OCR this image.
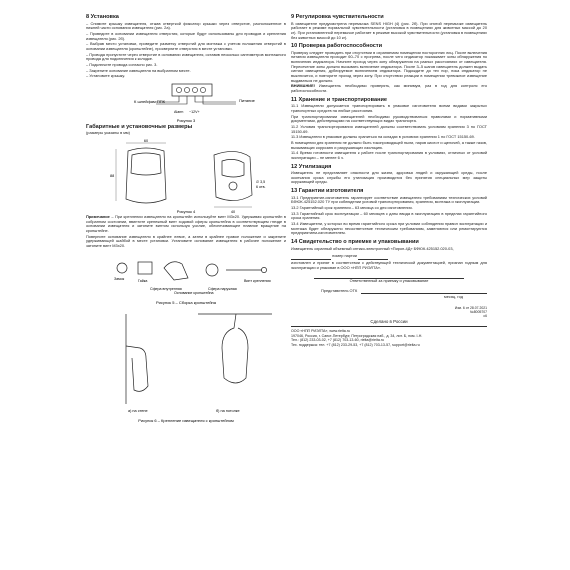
8 Установка
– Снимите крышку извещателя, отжав отверткой фиксатор крышки через отверстие, расположенное в нижней части основания извещателя (рис. 2а).
– Проведите в основании извещателя отверстия, которые будут использованы для проводов и крепления извещателя (рис. 2б).
– Выбрав место установки, проведите разметку отверстий для монтажа с учетом положения отверстий в основании извещателя (кронштейне), просверлите отверстия в месте установки.
– Проводa пропустите через отверстие в основании извещателя, оставив несколько сантиметров монтажного провода для подключения к колодке.
– Подключите провода согласно рис. 3.
– Закрепите основание извещателя на выбранном месте.
– Установите крышку.
К шлейфам ППК	Питание
Alarm −12V+
Рисунок 3
Габаритные и установочные размеры
(размеры указаны в мм)
60
88
40
∅ 3,5
6 отв.
Рисунок 4
Примечание – При креплении извещателя на кронштейн используйте винт М3х20. Удерживая кронштейн в собранном состоянии, ввинтите крепежный винт ходовой сферы кронштейна в соответствующем гнезде в основании извещателя и затяните винтом используя усилие, обеспечивающее плавное вращение на кронштейне.
Поверните основание извещателя в крайнее левое, а затем в крайнее правое положение и закрепите удерживающей шайбой в месте установки. Установите основание извещателя в рабочее положение и затяните винт М3х20.
Замок	Гайка
Сфера внутренняя
Основание кронштейна
Сфера наружная
Винт крепления
Рисунок 5 – Сборка кронштейна
а) на стене	б) на потолке
Рисунок 6 – Крепление извещателя с кронштейном
9 Регулировка чувствительности
В извещателе предусмотрена перемычка SENS HIGH (4) (рис. 2б). При снятой перемычке извещатель работает в режиме нормальной чувствительности (установка в помещениях для животных массой до 20 кг). При установленной перемычке работает в режиме высокой чувствительности (установка в помещениях без животных массой до 10 кг).
10 Проверка работоспособности
Проверку следует проводить при отсутствии в охраняемом помещении посторонних лиц. После включения питания извещателя проходит 60–70 с прогрева, после чего индикатор показывает зоны обнаружения по включению индикатора. Начните проход через зону обнаружения на разных расстояниях от извещателя. Пересечение зоны должно вызывать включение индикатора. После 3–5 шагов извещатель должен выдать сигнал извещения, дублируемое включением индикатора. Подождите до тех пор, пока индикатор не выключится, и повторите проход через зону. При отсутствии реакции в помещении тревожное извещение выдаваться не должно.
ВНИМАНИЕ! Извещатель необходимо проверять, как минимум, раз в год для контроля его работоспособности.
11 Хранение и транспортирование
11.1 Извещатели допускается транспортировать в упаковке изготовителя всеми видами закрытых транспортных средств на любые расстояния.
При транспортировании извещателей необходимо руководствоваться правилами и нормативными документами, действующими на соответствующих видах транспорта.
11.2 Условия транспортирования извещателей должны соответствовать условиям хранения 3 по ГОСТ 15150-69.
11.3 Извещатели в упаковке должны храниться на складах в условиях хранения 1 по ГОСТ 15150-69.
В помещении для хранения не должно быть токопроводящей пыли, паров кислот и щелочей, а также газов, вызывающих коррозию и разрушающих изоляцию.
11.4 Время готовности извещателя к работе после транспортирования в условиях, отличных от условий эксплуатации – не менее 6 ч.
12 Утилизация
Извещатель не представляет опасности для жизни, здоровья людей и окружающей среды, после окончания срока службы его утилизация производится без принятия специальных мер защиты окружающей среды.
13 Гарантии изготовителя
13.1 Предприятие-изготовитель гарантирует соответствие извещателя требованиям технических условий БФЮК.425152.020 ТУ при соблюдении условий транспортирования, хранения, монтажа и эксплуатации.
13.2 Гарантийный срок хранения – 63 месяца со дня изготовления.
13.3 Гарантийный срок эксплуатации – 60 месяцев с даты ввода в эксплуатацию в пределах гарантийного срока хранения.
13.4 Извещатели, у которых во время гарантийного срока при условии соблюдения правил эксплуатации и монтажа будет обнаружено несоответствие техническим требованиям, заменяются или ремонтируются предприятием-изготовителем.
14 Свидетельство о приемке и упаковывании
Извещатель охранный объемный оптико-электронный «Пирон-4Д» БФЮК.425152.020-03,
номер партии
изготовлен и принят в соответствии с действующей технической документацией, признан годным для эксплуатации и упакован в ООО «НПП РИЭЛТА».

Ответственный за приемку и упаковывание
Представитель ОТК

месяц, год
Изм. 6 от 28.07.2021
№8005707
с6
Сделано в России
ООО «НПП РИЭЛТА», www.rielta.ru
197046, Россия, г. Санкт-Петербург, Петроградская наб., д. 34, лит. Б, пом. I-Н.
Тел.: (812) 233-03-02, +7 (812) 703-13-60, rielta@rielta.ru
Тех. поддержка: тел. +7 (812) 233-29-53, +7 (812) 703-13-57, support@rielta.ru
